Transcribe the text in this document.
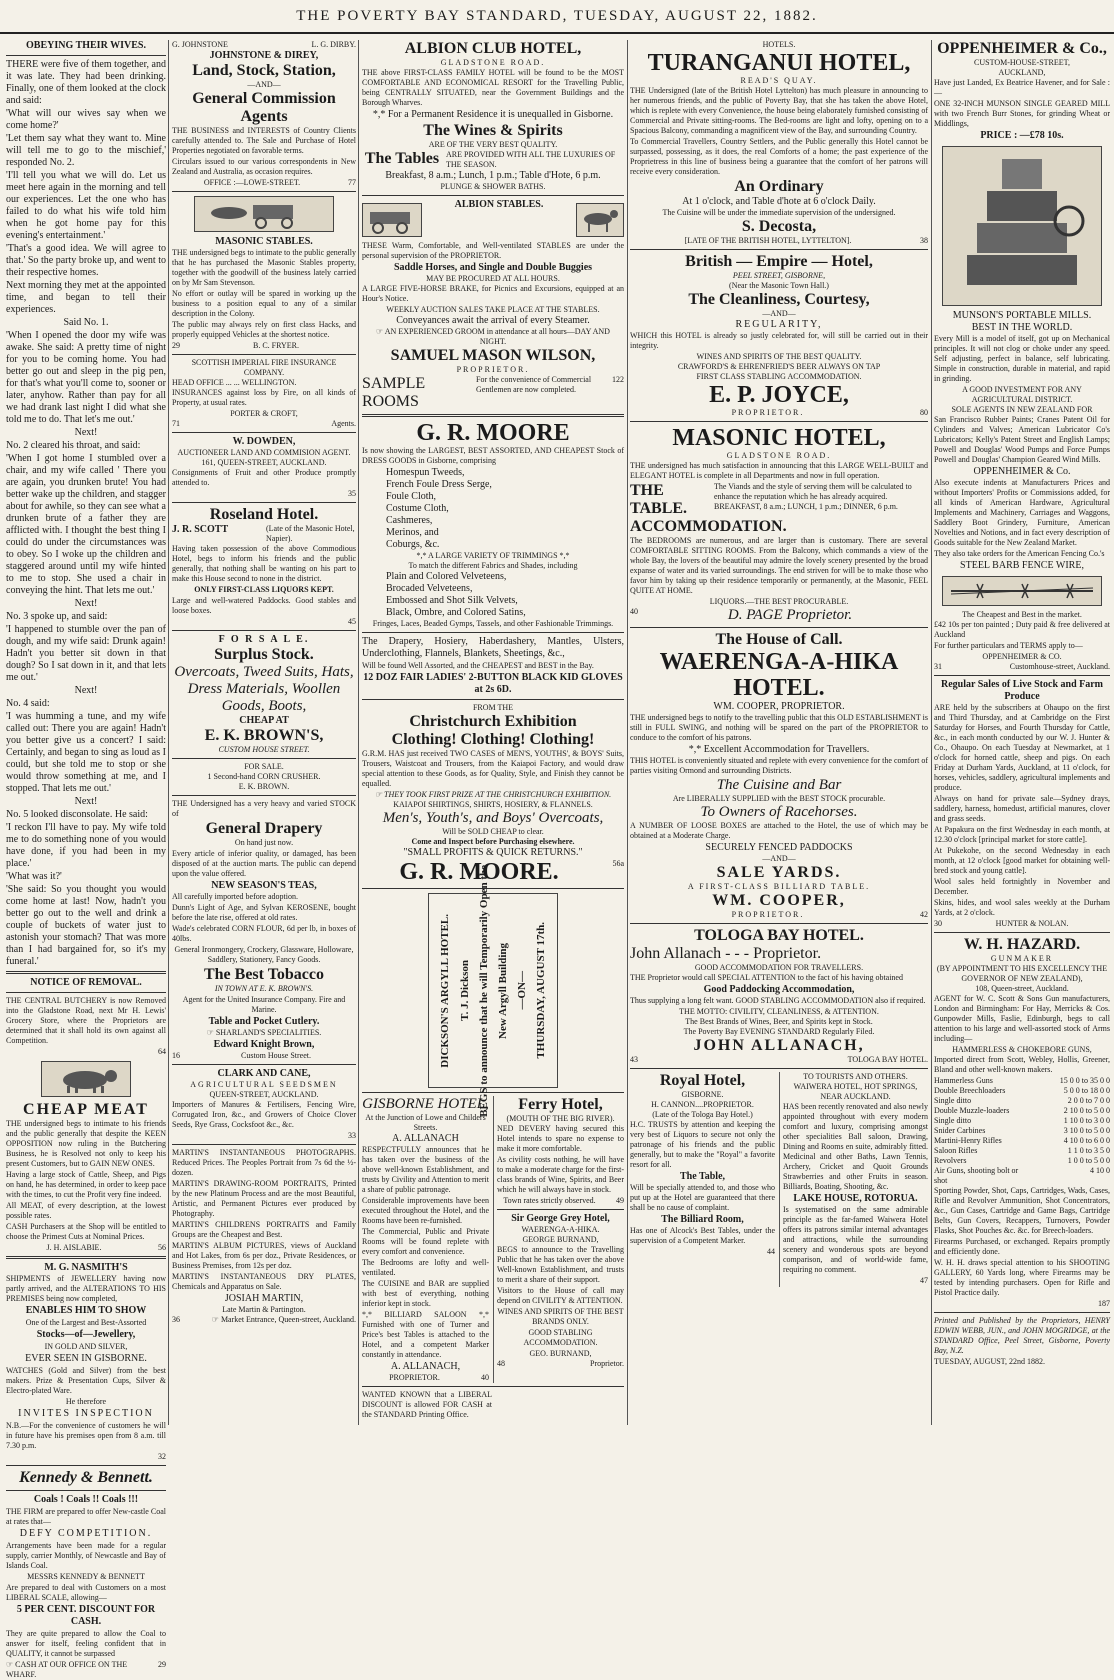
THE POVERTY BAY STANDARD, TUESDAY, AUGUST 22, 1882.
OBEYING THEIR WIVES.

THERE were five of them together, and it was late. They had been drinking. Finally, one of them looked at the clock and said:

'What will our wives say when we come home?'

'Let them say what they want to. Mine will tell me to go to the mischief,' responded No. 2.

'I'll tell you what we will do. Let us meet here again in the morning and tell our experiences. Let the one who has failed to do what his wife told him when he got home pay for this evening's entertainment.'

'That's a good idea. We will agree to that.' So the party broke up, and went to their respective homes.

Next morning they met at the appointed time, and began to tell their experiences.

Said No. 1.

'When I opened the door my wife was awake. She said: A pretty time of night for you to be coming home. You had better go out and sleep in the pig pen, for that's what you'll come to, sooner or later, anyhow. Rather than pay for all we had drank last night I did what she told me to do. That let's me out.'

Next!

No. 2 cleared his throat, and said:

'When I got home I stumbled over a chair, and my wife called ' There you are again, you drunken brute! You had better wake up the children, and stagger about for awhile, so they can see what a drunken brute of a father they are afflicted with. I thought the best thing I could do under the circumstances was to obey. So I woke up the children and staggered around until my wife hinted to me to stop. She used a chair in conveying the hint. That lets me out.'

Next!

No. 3 spoke up, and said:

'I happened to stumble over the pan of dough, and my wife said: Drunk again! Hadn't you better sit down in that dough? So I sat down in it, and that lets me out.'

Next!

No. 4 said:

'I was humming a tune, and my wife called out: There you are again! Hadn't you better give us a concert? I said: Certainly, and began to sing as loud as I could, but she told me to stop or she would throw something at me, and I stopped. That lets me out.'

Next!

No. 5 looked disconsolate. He said:

'I reckon I'll have to pay. My wife told me to do something none of you would have done, if you had been in my place.'

'What was it?'

'She said: So you thought you would come home at last! Now, hadn't you better go out to the well and drink a couple of buckets of water just to astonish your stomach? That was more than I had bargained for, so it's my funeral.'

NOTICE OF REMOVAL.

THE CENTRAL BUTCHERY is now Removed into the Gladstone Road, next Mr H. Lewis' Grocery Store, where the Proprietors are determined that it shall hold its own against all Competition.

64

CHEAP MEAT

THE undersigned begs to intimate to his friends and the public generally that despite the KEEN OPPOSITION now ruling in the Butchering Business, he is Resolved not only to keep his present Customers, but to GAIN NEW ONES.

Having a large stock of Cattle, Sheep, and Pigs on hand, he has determined, in order to keep pace with the times, to cut the Profit very fine indeed.

All MEAT, of every description, at the lowest possible rates.

CASH Purchasers at the Shop will be entitled to choose the Primest Cuts at Nominal Prices.

J. H. AISLABIE.	56
M. G. NASMITH'S

SHIPMENTS of JEWELLERY having now partly arrived, and the ALTERATIONS TO HIS PREMISES being now completed,

ENABLES HIM TO SHOW

One of the Largest and Best-Assorted

Stocks—of—Jewellery,

IN GOLD AND SILVER,

EVER SEEN IN GISBORNE.

WATCHES (Gold and Silver) from the best makers. Prize & Presentation Cups, Silver & Electro-plated Ware.

He therefore

INVITES INSPECTION

N.B.—For the convenience of customers he will in future have his premises open from 8 a.m. till 7.30 p.m.

32

Kennedy & Bennett.

Coals ! Coals !! Coals !!!

THE FIRM are prepared to offer New-castle Coal at rates that—

DEFY COMPETITION.

Arrangements have been made for a regular supply, carrier Monthly, of Newcastle and Bay of Islands Coal.

MESSRS KENNEDY & BENNETT

Are prepared to deal with Customers on a most LIBERAL SCALE, allowing—

5 PER CENT. DISCOUNT FOR CASH.

They are quite prepared to allow the Coal to answer for itself, feeling confident that in QUALITY, it cannot be surpassed

☞ CASH AT OUR OFFICE ON THE WHARF.
29
G. JOHNSTONE	L. G. DIRBY.
JOHNSTONE & DIREY,
Land, Stock, Station,
—AND—
General Commission Agents

THE BUSINESS and INTERESTS of Country Clients carefully attended to. The Sale and Purchase of Hotel Properties negotiated on favorable terms.

Circulars issued to our various correspondents in New Zealand and Australia, as occasion requires.

OFFICE :—LOWE-STREET.	77
MASONIC STABLES.

THE undersigned begs to intimate to the public generally that he has purchased the Masonic Stables property, together with the goodwill of the business lately carried on by Mr Sam Stevenson.

No effort or outlay will be spared in working up the business to a position equal to any of a similar description in the Colony.

The public may always rely on first class Hacks, and properly equipped Vehicles at the shortest notice.

29	B. C. FRYER.
SCOTTISH IMPERIAL FIRE INSURANCE COMPANY.
HEAD OFFICE ... ... WELLINGTON.

INSURANCES against loss by Fire, on all kinds of Property, at usual rates.

PORTER & CROFT,
71	Agents.
W. DOWDEN,
AUCTIONEER LAND AND COMMISION AGENT.
161, QUEEN-STREET, AUCKLAND.

Consignments of Fruit and other Produce promptly attended to.

35

Roseland Hotel.
J. R. SCOTT	(Late of the Masonic Hotel, Napier).

Having taken possession of the above Commodious Hotel, begs to inform his friends and the public generally, that nothing shall be wanting on his part to make this House second to none in the district.

ONLY FIRST-CLASS LIQUORS KEPT.

Large and well-watered Paddocks. Good stables and loose boxes.

45

F O R S A L E.
Surplus Stock.
Overcoats, Tweed Suits, Hats, Dress Materials, Woollen Goods, Boots,
CHEAP AT
E. K. BROWN'S,
CUSTOM HOUSE STREET.
FOR SALE.
1 Second-hand CORN CRUSHER.
E. K. BROWN.

THE Undersigned has a very heavy and varied STOCK of

General Drapery

On hand just now.

Every article of inferior quality, or damaged, has been disposed of at the auction marts. The public can depend upon the value offered.

NEW SEASON'S TEAS,

All carefully imported before adoption.

Dunn's Light of Age, and Sylvan KEROSENE, bought before the late rise, offered at old rates.

Wade's celebrated CORN FLOUR, 6d per lb, in boxes of 40lbs.

General Ironmongery, Crockery, Glassware, Holloware, Saddlery, Stationery, Fancy Goods.

The Best Tobacco

IN TOWN AT E. K. BROWN'S.

Agent for the United Insurance Company. Fire and Marine.

Table and Pocket Cutlery.

☞ SHARLAND'S SPECIALITIES.

Edward Knight Brown,
16	Custom House Street.
CLARK AND CANE,
AGRICULTURAL SEEDSMEN
QUEEN-STREET, AUCKLAND.

Importers of Manures & Fertilisers, Fencing Wire, Corrugated Iron, &c., and Growers of Choice Clover Seeds, Rye Grass, Cocksfoot &c., &c.

33

MARTIN'S INSTANTANEOUS PHOTOGRAPHS. Reduced Prices. The Peoples Portrait from 7s 6d the ½-dozen.

MARTIN'S DRAWING-ROOM PORTRAITS, Printed by the new Platinum Process and are the most Beautiful, Artistic, and Permanent Pictures ever produced by Photography.

MARTIN'S CHILDRENS PORTRAITS and Family Groups are the Cheapest and Best.

MARTIN'S ALBUM PICTURES, views of Auckland and Hot Lakes, from 6s per doz., Private Residences, or Business Premises, from 12s per doz.

MARTIN'S INSTANTANEOUS DRY PLATES, Chemicals and Apparatus on Sale.

JOSIAH MARTIN,
Late Martin & Partington.
36	☞ Market Entrance, Queen-street, Auckland.
ALBION CLUB HOTEL,
GLADSTONE ROAD.

THE above FIRST-CLASS FAMILY HOTEL will be found to be the MOST COMFORTABLE AND ECONOMICAL RESORT for the Travelling Public, being CENTRALLY SITUATED, near the Government Buildings and the Borough Wharves.

*,* For a Permanent Residence it is unequalled in Gisborne.

The Wines & Spirits
ARE OF THE VERY BEST QUALITY.
The Tables ARE PROVIDED WITH ALL THE LUXURIES OF THE SEASON.
Breakfast, 8 a.m.; Lunch, 1 p.m.; Table d'Hote, 6 p.m.
PLUNGE & SHOWER BATHS.
ALBION STABLES.

THESE Warm, Comfortable, and Well-ventilated STABLES are under the personal supervision of the PROPRIETOR.

Saddle Horses, and Single and Double Buggies
MAY BE PROCURED AT ALL HOURS.

A LARGE FIVE-HORSE BRAKE, for Picnics and Excursions, equipped at an Hour's Notice.

WEEKLY AUCTION SALES TAKE PLACE AT THE STABLES.
Conveyances await the arrival of every Steamer.
☞ AN EXPERIENCED GROOM in attendance at all hours—DAY AND NIGHT.
SAMUEL MASON WILSON,
PROPRIETOR.
SAMPLE ROOMS
For the convenience of Commercial Gentlemen are now completed.
122
G. R. MOORE

Is now showing the LARGEST, BEST ASSORTED, AND CHEAPEST Stock of DRESS GOODS in Gisborne, comprising

Homespun Tweeds,
French Foule Dress Serge,
Foule Cloth,
Costume Cloth,
Cashmeres,
Merinos, and
Coburgs, &c.
*,* A LARGE VARIETY OF TRIMMINGS *,*
To match the different Fabrics and Shades, including
Plain and Colored Velveteens,
Brocaded Velveteens,
Embossed and Shot Silk Velvets,
Black, Ombre, and Colored Satins,
Fringes, Laces, Beaded Gymps, Tassels, and other Fashionable Trimmings.

The Drapery, Hosiery, Haberdashery, Mantles, Ulsters, Underclothing, Flannels, Blankets, Sheetings, &c.,

Will be found Well Assorted, and the CHEAPEST and BEST in the Bay.

12 DOZ FAIR LADIES' 2-BUTTON BLACK KID GLOVES at 2s 6D.
FROM THE
Christchurch Exhibition
Clothing! Clothing! Clothing!

G.R.M. HAS just received TWO CASES of MEN'S, YOUTHS', & BOYS' Suits, Trousers, Waistcoat and Trousers, from the Kaiapoi Factory, and would draw special attention to these Goods, as for Quality, Style, and Finish they cannot be equalled.

☞ THEY TOOK FIRST PRIZE AT THE CHRISTCHURCH EXHIBITION.
KAIAPOI SHIRTINGS, SHIRTS, HOSIERY, & FLANNELS.
Men's, Youth's, and Boys' Overcoats,
Will be SOLD CHEAP to clear.
Come and Inspect before Purchasing elsewhere.
"SMALL PROFITS & QUICK RETURNS."
G. R. MOORE.	56a
DICKSON'S ARGYLL HOTEL. T. J. Dickson BEGS to announce that he will Temporarily Open the New Argyll Building —ON— THURSDAY, AUGUST 17th.
GISBORNE HOTEL,
At the Junction of Lowe and Childers Streets.
A. ALLANACH

RESPECTFULLY announces that he has taken over the business of the above well-known Establishment, and trusts by Civility and Attention to merit a share of public patronage.

Considerable improvements have been executed throughout the Hotel, and the Rooms have been re-furnished.

The Commercial, Public and Private Rooms will be found replete with every comfort and convenience.

The Bedrooms are lofty and well-ventilated.

The CUISINE and BAR are supplied with best of everything, nothing inferior kept in stock.

*,* BILLIARD SALOON *,* Furnished with one of Turner and Price's best Tables is attached to the Hotel, and a competent Marker constantly in attendance.

A. ALLANACH,
PROPRIETOR.	40
Ferry Hotel,
(MOUTH OF THE BIG RIVER).

NED DEVERY having secured this Hotel intends to spare no expense to make it more comfortable.

As civility costs nothing, he will have to make a moderate charge for the first-class brands of Wine, Spirits, and Beer which he will always have in stock.

Town rates strictly observed.	49
Sir George Grey Hotel,
WAERENGA-A-HIKA.
GEORGE BURNAND,

BEGS to announce to the Travelling Public that he has taken over the above Well-known Establishment, and trusts to merit a share of their support.

Visitors to the House of call may depend on CIVILITY & ATTENTION.

WINES AND SPIRITS OF THE BEST BRANDS ONLY.

GOOD STABLING ACCOMMODATION.

GEO. BURNAND,
48	Proprietor.

WANTED KNOWN that a LIBERAL DISCOUNT is allowed FOR CASH at the STANDARD Printing Office.

HOTELS.
TURANGANUI HOTEL,
READ'S QUAY.

THE Undersigned (late of the British Hotel Lyttelton) has much pleasure in announcing to her numerous friends, and the public of Poverty Bay, that she has taken the above Hotel, which is replete with every Convenience, the house being elaborately furnished consisting of Commercial and Private sitting-rooms. The Bed-rooms are light and lofty, opening on to a Spacious Balcony, commanding a magnificent view of the Bay, and surrounding Country.

To Commercial Travellers, Country Settlers, and the Public generally this Hotel cannot be surpassed, possessing, as it does, the real Comforts of a home; the past experience of the Proprietress in this line of business being a guarantee that the comfort of her patrons will receive every consideration.

An Ordinary
At 1 o'clock, and Table d'hote at 6 o'clock Daily.
The Cuisine will be under the immediate supervision of the undersigned.
S. Decosta,
[LATE OF THE BRITISH HOTEL, LYTTELTON].	38
British — Empire — Hotel,
PEEL STREET, GISBORNE,
(Near the Masonic Town Hall.)
The Cleanliness, Courtesy,
—AND—
REGULARITY,

WHICH this HOTEL is already so justly celebrated for, will still be carried out in their integrity.

WINES AND SPIRITS OF THE BEST QUALITY.
CRAWFORD'S & EHRENFRIED'S BEER ALWAYS ON TAP
FIRST CLASS STABLING ACCOMMODATION.
E. P. JOYCE,
PROPRIETOR.	80
MASONIC HOTEL,
GLADSTONE ROAD.

THE undersigned has much satisfaction in announcing that this LARGE WELL-BUILT and ELEGANT HOTEL is complete in all Departments and now in full operation.

THE TABLE.
The Viands and the style of serving them will be calculated to enhance the reputation which he has already acquired. BREAKFAST, 8 a.m.; LUNCH, 1 p.m.; DINNER, 6 p.m.
ACCOMMODATION.

The BEDROOMS are numerous, and are larger than is customary. There are several COMFORTABLE SITTING ROOMS. From the Balcony, which commands a view of the whole Bay, the lovers of the beautiful may admire the lovely scenery presented by the broad expanse of water and its varied surroundings. The end striven for will be to make those who favor him by taking up their residence temporarily or permanently, at the Masonic, FEEL QUITE AT HOME.

LIQUORS.—THE BEST PROCURABLE.
40	D. PAGE Proprietor.
The House of Call.
WAERENGA-A-HIKA HOTEL.
WM. COOPER, PROPRIETOR.

THE undersigned begs to notify to the travelling public that this OLD ESTABLISHMENT is still in FULL SWING, and nothing will be spared on the part of the PROPRIETOR to conduce to the comfort of his patrons.

*,* Excellent Accommodation for Travellers.

THIS HOTEL is conveniently situated and replete with every convenience for the comfort of parties visiting Ormond and surrounding Districts.

The Cuisine and Bar
Are LIBERALLY SUPPLIED with the BEST STOCK procurable.
To Owners of Racehorses.

A NUMBER OF LOOSE BOXES are attached to the Hotel, the use of which may be obtained at a Moderate Charge.

SECURELY FENCED PADDOCKS
—AND—
SALE YARDS.
A FIRST-CLASS BILLIARD TABLE.
WM. COOPER,
PROPRIETOR.	42
TOLOGA BAY HOTEL.
John Allanach - - - Proprietor.
GOOD ACCOMMODATION FOR TRAVELLERS.

THE Proprietor would call SPECIAL ATTENTION to the fact of his having obtained

Good Paddocking Accommodation,

Thus supplying a long felt want. GOOD STABLING ACCOMMODATION also if required.

THE MOTTO: CIVILITY, CLEANLINESS, & ATTENTION.
The Best Brands of Wines, Beer, and Spirits kept in Stock.
The Poverty Bay EVENING STANDARD Regularly Filed.
JOHN ALLANACH,
43	TOLOGA BAY HOTEL.
Royal Hotel,
GISBORNE.
H. CANNON....PROPRIETOR.
(Late of the Tologa Bay Hotel.)

H.C. TRUSTS by attention and keeping the very best of Liquors to secure not only the patronage of his friends and the public generally, but to make the "Royal" a favorite resort for all.

The Table,

Will be specially attended to, and those who put up at the Hotel are guaranteed that there shall be no cause of complaint.

The Billiard Room,

Has one of Alcock's Best Tables, under the supervision of a Competent Marker.

44

TO TOURISTS AND OTHERS.
WAIWERA HOTEL, HOT SPRINGS,
NEAR AUCKLAND.

HAS been recently renovated and also newly appointed throughout with every modern comfort and luxury, comprising amongst other specialities Ball saloon, Drawing, Dining and Rooms en suite, admirably fitted. Medicinal and other Baths, Lawn Tennis, Archery, Cricket and Quoit Grounds Strawberries and other Fruits in season. Billiards, Boating, Shooting, &c.

LAKE HOUSE, ROTORUA.

Is systematised on the same admirable principle as the far-famed Waiwera Hotel offers its patrons similar internal advantages and attractions, while the surrounding scenery and wonderous spots are beyond comparison, and of world-wide fame, requiring no comment.

47

OPPENHEIMER & Co.,
CUSTOM-HOUSE-STREET,
AUCKLAND,

Have just Landed, Ex Beatrice Havener, and for Sale :—

ONE 32-INCH MUNSON SINGLE GEARED MILL with two French Burr Stones, for grinding Wheat or Middlings,

PRICE : —£78 10s.
MUNSON'S PORTABLE MILLS.
BEST IN THE WORLD.

Every Mill is a model of itself, got up on Mechanical principles. It will not clog or choke under any speed. Self adjusting, perfect in balance, self lubricating. Simple in construction, durable in material, and rapid in grinding.

A GOOD INVESTMENT FOR ANY AGRICULTURAL DISTRICT.
SOLE AGENTS IN NEW ZEALAND FOR

San Francisco Rubber Paints; Cranes Patent Oil for Cylinders and Valves; American Lubricator Co's Lubricators; Kelly's Patent Street and English Lamps; Powell and Douglas' Wood Pumps and Force Pumps Powell and Douglas' Champion Geared Wind Mills.

OPPENHEIMER & Co.

Also execute indents at Manufacturers Prices and without Importers' Profits or Commissions added, for all kinds of American Hardware, Agricultural Implements and Machinery, Carriages and Waggons, Saddlery Boot Grindery, Furniture, American Novelties and Notions, and in fact every description of Goods suitable for the New Zealand Market.

They also take orders for the American Fencing Co.'s

STEEL BARB FENCE WIRE,
The Cheapest and Best in the market.

£42 10s per ton painted ; Duty paid & free delivered at Auckland

For further particulars and TERMS apply to—

OPPENHEIMER & CO.
31	Customhouse-street, Auckland.
Regular Sales of Live Stock and Farm Produce

ARE held by the subscribers at Ohaupo on the first and Third Thursday, and at Cambridge on the First Saturday for Horses, and Fourth Thursday for Cattle, &c., in each month conducted by our W. J. Hunter & Co., Ohaupo. On each Tuesday at Newmarket, at 1 o'clock for horned cattle, sheep and pigs. On each Friday at Durham Yards, Auckland, at 11 o'clock, for horses, vehicles, saddlery, agricultural implements and produce.

Always on hand for private sale—Sydney drays, saddlery, harness, homedust, artificial manures, clover and grass seeds.

At Papakura on the first Wednesday in each month, at 12.30 o'clock [principal market for store cattle].

At Pukekohe, on the second Wednesday in each month, at 12 o'clock [good market for obtaining well-bred stock and young cattle].

Wool sales held fortnightly in November and December.

Skins, hides, and wool sales weekly at the Durham Yards, at 2 o'clock.

30	HUNTER & NOLAN.
W. H. HAZARD.
GUNMAKER
(BY APPOINTMENT TO HIS EXCELLENCY THE GOVERNOR OF NEW ZEALAND),
108, Queen-street, Auckland.

AGENT for W. C. Scott & Sons Gun manufacturers, London and Birmingham: For Hay, Merricks & Cos. Gunpowder Mills, Faslie, Edinburgh, begs to call attention to his large and well-assorted stock of Arms including—

HAMMERLESS & CHOKEBORE GUNS,

Imported direct from Scott, Webley, Hollis, Greener, Bland and other well-known makers.

Hammerless Guns	15 0 0 to 35 0 0
Double Breechloaders	5 0 0 to 18 0 0
Single ditto	2 0 0 to 7 0 0
Double Muzzle-loaders	2 10 0 to 5 0 0
Single ditto	1 10 0 to 3 0 0
Snider Carbines	3 10 0 to 5 0 0
Martini-Henry Rifles	4 10 0 to 6 0 0
Saloon Rifles	1 1 0 to 3 5 0
Revolvers	1 0 0 to 5 0 0
Air Guns, shooting bolt or shot
4 10 0

Sporting Powder, Shot, Caps, Cartridges, Wads, Cases, Rifle and Revolver Ammunition, Shot Concentrators, &c., Gun Cases, Cartridge and Game Bags, Cartridge Belts, Gun Covers, Recappers, Turnovers, Powder Flasks, Shot Pouches &c. &c. for Breech-loaders.

Firearms Purchased, or exchanged. Repairs promptly and efficiently done.

W. H. H. draws special attention to his SHOOTING GALLERY, 60 Yards long, where Firearms may be tested by intending purchasers. Open for Rifle and Pistol Practice daily.

187

Printed and Published by the Proprietors, HENRY EDWIN WEBB, JUN., and JOHN MOGRIDGE, at the STANDARD Office, Peel Street, Gisborne, Poverty Bay, N.Z.

TUESDAY, AUGUST, 22nd 1882.
